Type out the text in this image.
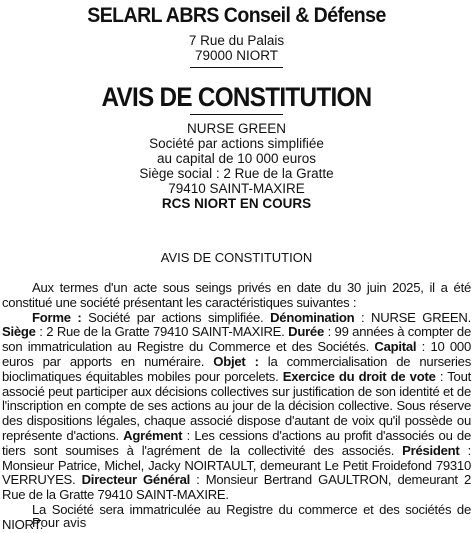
SELARL ABRS Conseil & Défense
7 Rue du Palais
79000 NIORT
AVIS DE CONSTITUTION
NURSE GREEN
Société par actions simplifiée
au capital de 10 000 euros
Siège social : 2 Rue de la Gratte
79410 SAINT-MAXIRE
RCS NIORT EN COURS
AVIS DE CONSTITUTION

Aux termes d'un acte sous seings privés en date du 30 juin 2025, il a été constitué une société présentant les caractéristiques suivantes :

Forme : Société par actions simplifiée. Dénomination : NURSE GREEN. Siège : 2 Rue de la Gratte 79410 SAINT-MAXIRE. Durée : 99 années à compter de son immatriculation au Registre du Commerce et des Sociétés. Capital : 10 000 euros par apports en numéraire. Objet : la commercialisation de nurseries bioclimatiques équitables mobiles pour porcelets. Exercice du droit de vote : Tout associé peut participer aux décisions collectives sur justification de son identité et de l'inscription en compte de ses actions au jour de la décision collective. Sous réserve des dispositions légales, chaque associé dispose d'autant de voix qu'il possède ou représente d'actions. Agrément : Les cessions d'actions au profit d'associés ou de tiers sont soumises à l'agrément de la collectivité des associés. Président : Monsieur Patrice, Michel, Jacky NOIRTAULT, demeurant Le Petit Froidefond 79310 VERRUYES. Directeur Général : Monsieur Bertrand GAULTRON, demeurant 2 Rue de la Gratte 79410 SAINT-MAXIRE.

La Société sera immatriculée au Registre du commerce et des sociétés de NIORT.

Pour avis
